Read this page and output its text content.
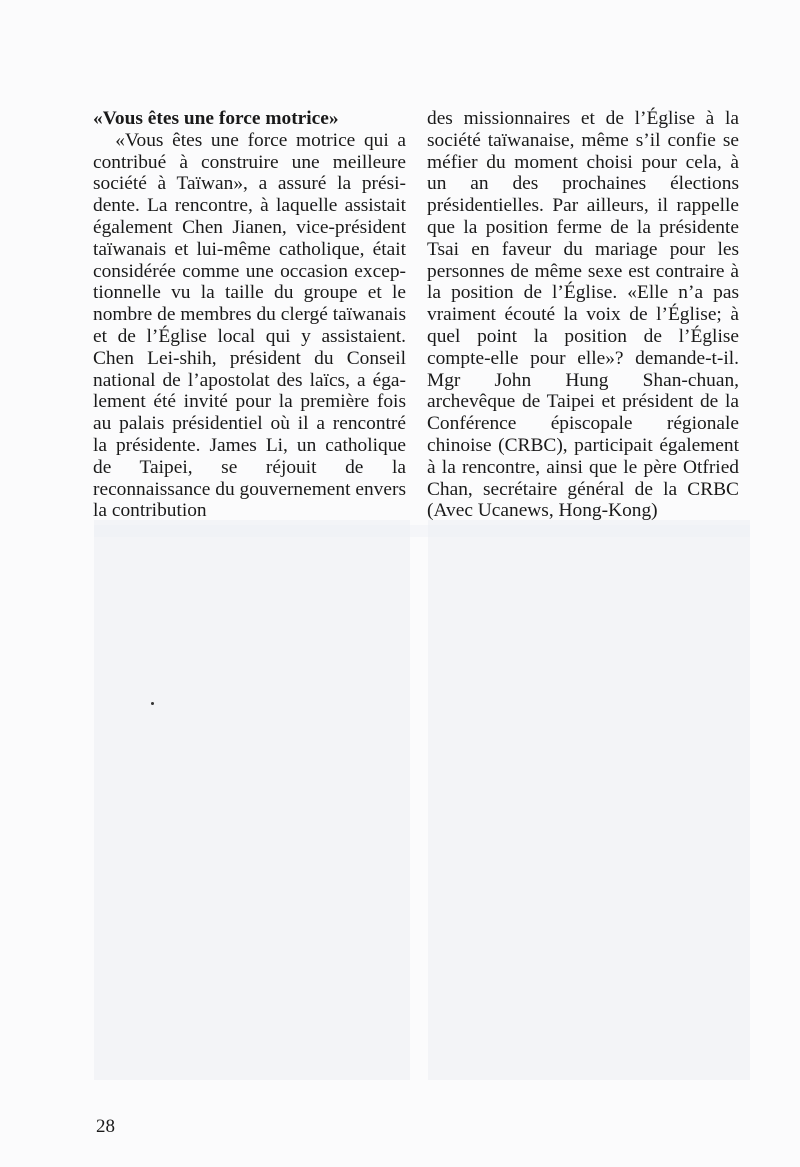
«Vous êtes une force motrice»

«Vous êtes une force motrice qui a contribué à construire une meilleure société à Taïwan», a assuré la présidente. La rencontre, à laquelle assistait également Chen Jianen, vice-président taïwanais et lui-même catholique, était considérée comme une occasion exceptionnelle vu la taille du groupe et le nombre de membres du clergé taïwanais et de l’Église local qui y assistaient. Chen Lei-shih, président du Conseil national de l’apostolat des laïcs, a également été invité pour la première fois au palais présidentiel où il a rencontré la présidente. James Li, un catholique de Taipei, se réjouit de la reconnaissance du gouvernement envers la contribution

des missionnaires et de l’Église à la société taïwanaise, même s’il confie se méfier du moment choisi pour cela, à un an des prochaines élections présidentielles. Par ailleurs, il rappelle que la position ferme de la présidente Tsai en faveur du mariage pour les personnes de même sexe est contraire à la position de l’Église. «Elle n’a pas vraiment écouté la voix de l’Église; à quel point la position de l’Église compte-elle pour elle»? demande-t-il. Mgr John Hung Shan-chuan, archevêque de Taipei et président de la Conférence épiscopale régionale chinoise (CRBC), participait également à la rencontre, ainsi que le père Otfried Chan, secrétaire général de la CRBC (Avec Ucanews, Hong-Kong)

28
